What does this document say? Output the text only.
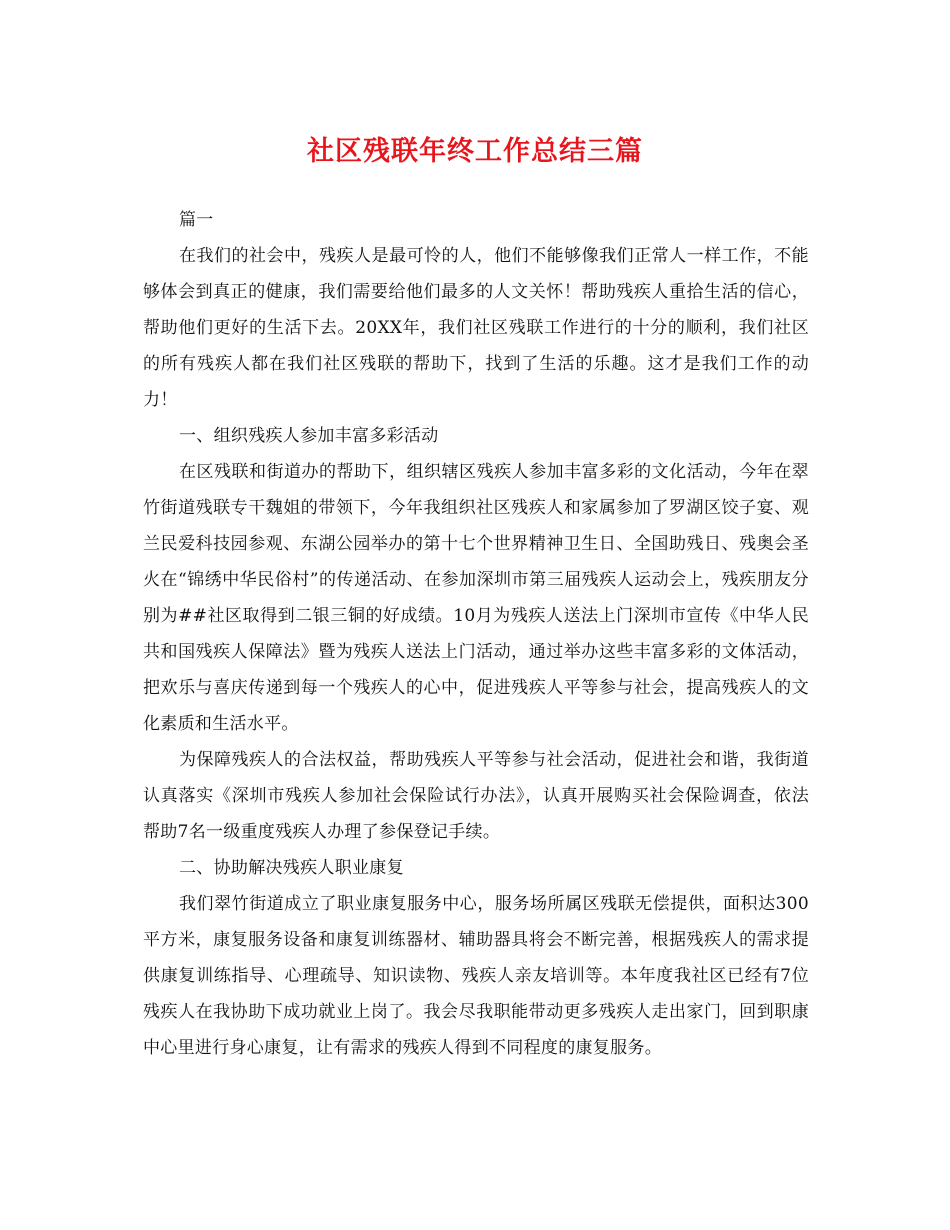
社区残联年终工作总结三篇

篇一

在我们的社会中，残疾人是最可怜的人，他们不能够像我们正常人一样工作，不能够体会到真正的健康，我们需要给他们最多的人文关怀！帮助残疾人重拾生活的信心，帮助他们更好的生活下去。20XX年，我们社区残联工作进行的十分的顺利，我们社区的所有残疾人都在我们社区残联的帮助下，找到了生活的乐趣。这才是我们工作的动力！

一、组织残疾人参加丰富多彩活动

在区残联和街道办的帮助下，组织辖区残疾人参加丰富多彩的文化活动，今年在翠竹街道残联专干魏姐的带领下，今年我组织社区残疾人和家属参加了罗湖区饺子宴、观兰民爱科技园参观、东湖公园举办的第十七个世界精神卫生日、全国助残日、残奥会圣火在“锦绣中华民俗村”的传递活动、在参加深圳市第三届残疾人运动会上，残疾朋友分别为##社区取得到二银三铜的好成绩。10月为残疾人送法上门深圳市宣传《中华人民共和国残疾人保障法》暨为残疾人送法上门活动，通过举办这些丰富多彩的文体活动，把欢乐与喜庆传递到每一个残疾人的心中，促进残疾人平等参与社会，提高残疾人的文化素质和生活水平。

为保障残疾人的合法权益，帮助残疾人平等参与社会活动，促进社会和谐，我街道认真落实《深圳市残疾人参加社会保险试行办法》，认真开展购买社会保险调查，依法帮助7名一级重度残疾人办理了参保登记手续。

二、协助解决残疾人职业康复

我们翠竹街道成立了职业康复服务中心，服务场所属区残联无偿提供，面积达300平方米，康复服务设备和康复训练器材、辅助器具将会不断完善，根据残疾人的需求提供康复训练指导、心理疏导、知识读物、残疾人亲友培训等。本年度我社区已经有7位残疾人在我协助下成功就业上岗了。我会尽我职能带动更多残疾人走出家门，回到职康中心里进行身心康复，让有需求的残疾人得到不同程度的康复服务。
